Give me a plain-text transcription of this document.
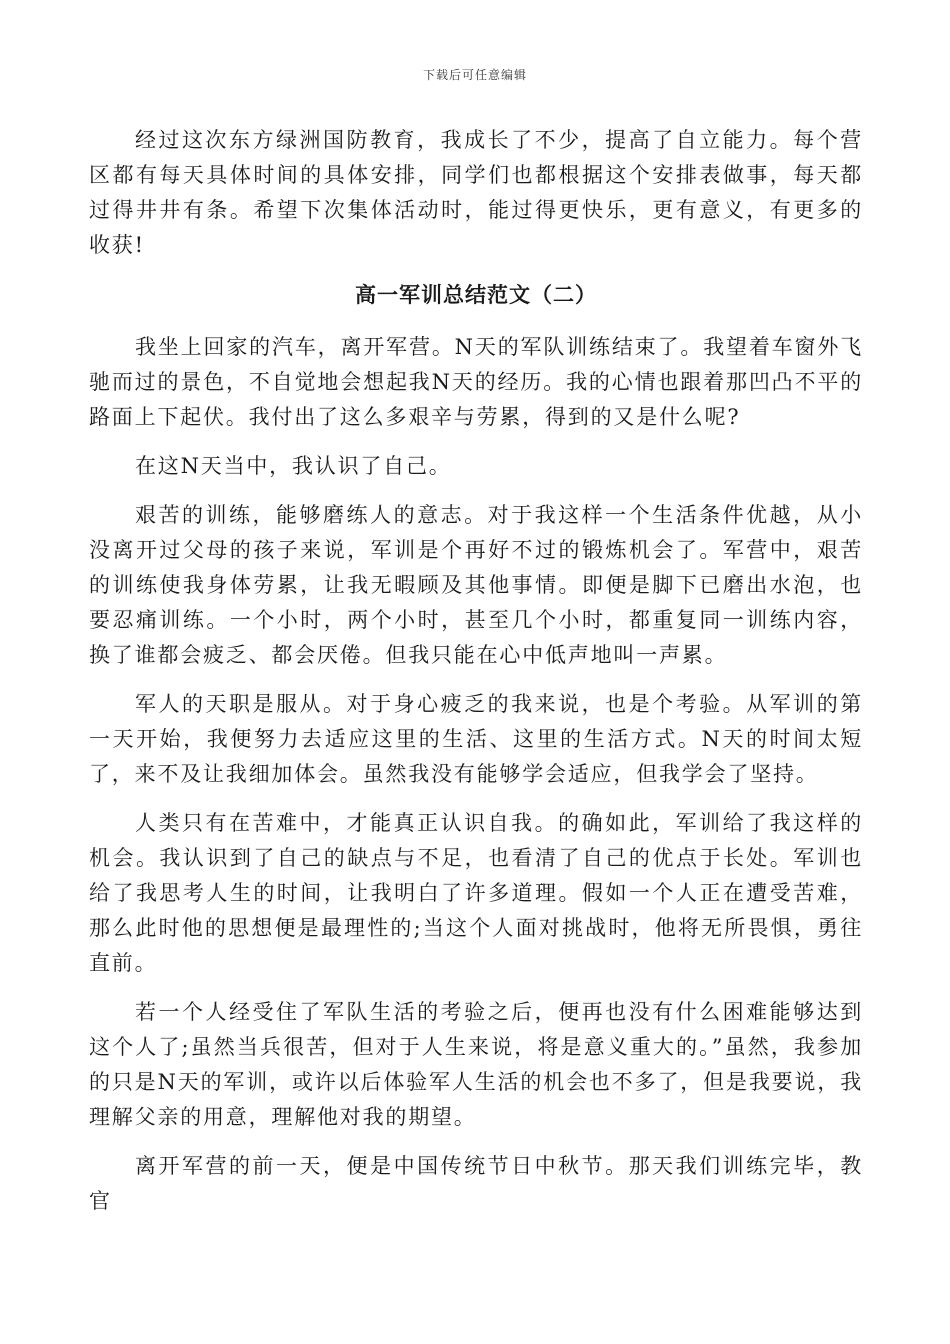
下载后可任意编辑

经过这次东方绿洲国防教育，我成长了不少，提高了自立能力。每个营区都有每天具体时间的具体安排，同学们也都根据这个安排表做事，每天都过得井井有条。希望下次集体活动时，能过得更快乐，更有意义，有更多的收获!

高一军训总结范文（二）

我坐上回家的汽车，离开军营。N天的军队训练结束了。我望着车窗外飞驰而过的景色，不自觉地会想起我N天的经历。我的心情也跟着那凹凸不平的路面上下起伏。我付出了这么多艰辛与劳累，得到的又是什么呢?

在这N天当中，我认识了自己。

艰苦的训练，能够磨练人的意志。对于我这样一个生活条件优越，从小没离开过父母的孩子来说，军训是个再好不过的锻炼机会了。军营中，艰苦的训练使我身体劳累，让我无暇顾及其他事情。即便是脚下已磨出水泡，也要忍痛训练。一个小时，两个小时，甚至几个小时，都重复同一训练内容，换了谁都会疲乏、都会厌倦。但我只能在心中低声地叫一声累。

军人的天职是服从。对于身心疲乏的我来说，也是个考验。从军训的第一天开始，我便努力去适应这里的生活、这里的生活方式。N天的时间太短了，来不及让我细加体会。虽然我没有能够学会适应，但我学会了坚持。

人类只有在苦难中，才能真正认识自我。的确如此，军训给了我这样的机会。我认识到了自己的缺点与不足，也看清了自己的优点于长处。军训也给了我思考人生的时间，让我明白了许多道理。假如一个人正在遭受苦难，那么此时他的思想便是最理性的;当这个人面对挑战时，他将无所畏惧，勇往直前。

若一个人经受住了军队生活的考验之后，便再也没有什么困难能够达到这个人了;虽然当兵很苦，但对于人生来说，将是意义重大的。”虽然，我参加的只是N天的军训，或许以后体验军人生活的机会也不多了，但是我要说，我理解父亲的用意，理解他对我的期望。

离开军营的前一天，便是中国传统节日中秋节。那天我们训练完毕，教官
